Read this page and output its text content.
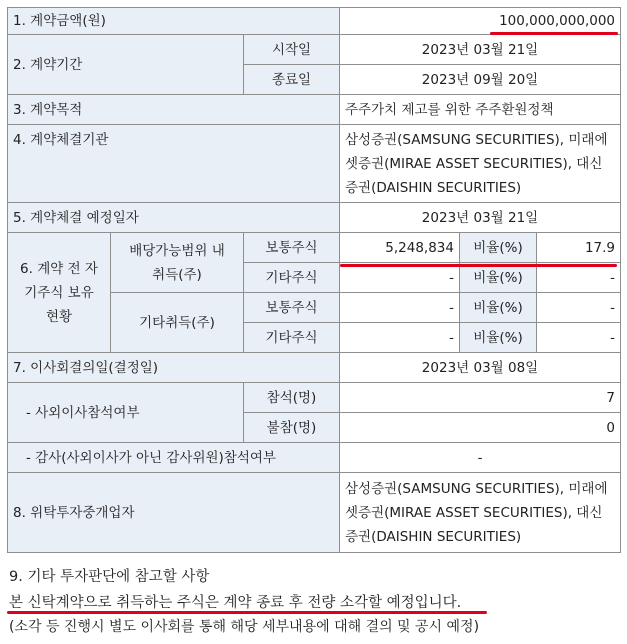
1. 계약금액(원)			100,000,000,000		
2. 계약기간		시작일	2023년 03월 21일		
		종료일	2023년 09월 20일		
3. 계약목적			주주가치 제고를 위한 주주환원정책		
4. 계약체결기관			삼성증권(SAMSUNG SECURITIES), 미래에셋증권(MIRAE ASSET SECURITIES), 대신증권(DAISHIN SECURITIES)		
5. 계약체결 예정일자			2023년 03월 21일		
6. 계약 전 자기주식 보유현황	배당가능범위 내 취득(주)	보통주식	5,248,834	비율(%)	17.9
		기타주식	-	비율(%)	-
	기타취득(주)	보통주식	-	비율(%)	-
		기타주식	-	비율(%)	-
7. 이사회결의일(결정일)			2023년 03월 08일		
- 사외이사참석여부		참석(명)	7		
		불참(명)	0		
- 감사(사외이사가 아닌 감사위원)참석여부			-		
8. 위탁투자중개업자			삼성증권(SAMSUNG SECURITIES), 미래에셋증권(MIRAE ASSET SECURITIES), 대신증권(DAISHIN SECURITIES)		
9. 기타 투자판단에 참고할 사항
본 신탁계약으로 취득하는 주식은 계약 종료 후 전량 소각할 예정입니다.
(소각 등 진행시 별도 이사회를 통해 해당 세부내용에 대해 결의 및 공시 예정)
